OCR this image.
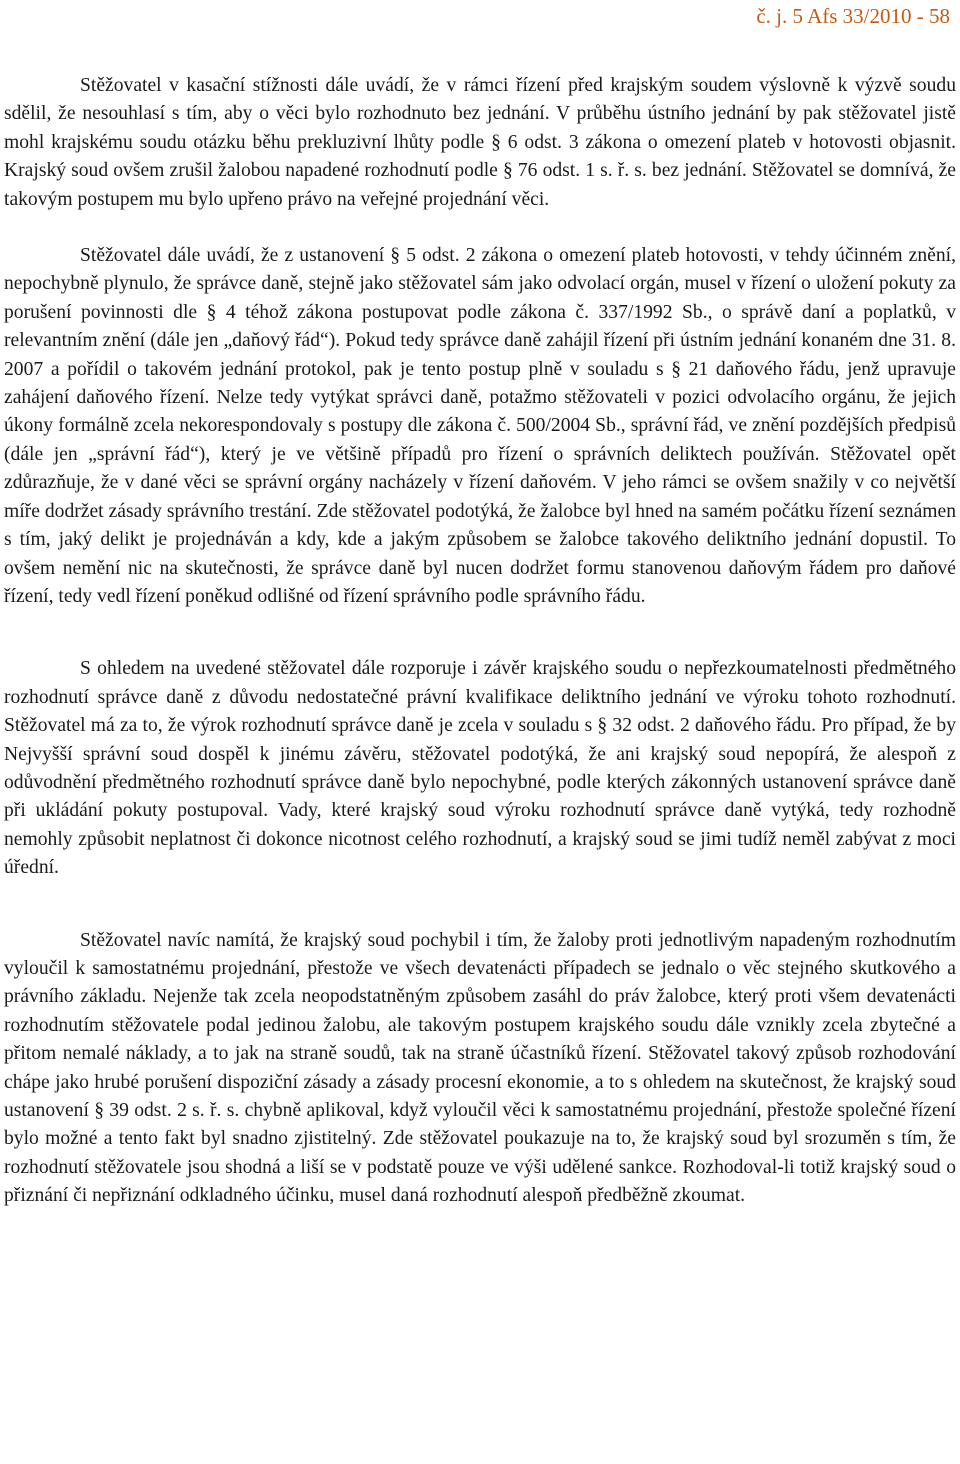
č. j. 5 Afs 33/2010 - 58

Stěžovatel v kasační stížnosti dále uvádí, že v rámci řízení před krajským soudem výslovně k výzvě soudu sdělil, že nesouhlasí s tím, aby o věci bylo rozhodnuto bez jednání. V průběhu ústního jednání by pak stěžovatel jistě mohl krajskému soudu otázku běhu prekluzivní lhůty podle § 6 odst. 3 zákona o omezení plateb v hotovosti objasnit. Krajský soud ovšem zrušil žalobou napadené rozhodnutí podle § 76 odst. 1 s. ř. s. bez jednání. Stěžovatel se domnívá, že takovým postupem mu bylo upřeno právo na veřejné projednání věci.

Stěžovatel dále uvádí, že z ustanovení § 5 odst. 2 zákona o omezení plateb hotovosti, v tehdy účinném znění, nepochybně plynulo, že správce daně, stejně jako stěžovatel sám jako odvolací orgán, musel v řízení o uložení pokuty za porušení povinnosti dle § 4 téhož zákona postupovat podle zákona č. 337/1992 Sb., o správě daní a poplatků, v relevantním znění (dále jen „daňový řád“). Pokud tedy správce daně zahájil řízení při ústním jednání konaném dne 31. 8. 2007 a pořídil o takovém jednání protokol, pak je tento postup plně v souladu s § 21 daňového řádu, jenž upravuje zahájení daňového řízení. Nelze tedy vytýkat správci daně, potažmo stěžovateli v pozici odvolacího orgánu, že jejich úkony formálně zcela nekorespondovaly s postupy dle zákona č. 500/2004 Sb., správní řád, ve znění pozdějších předpisů (dále jen „správní řád“), který je ve většině případů pro řízení o správních deliktech používán. Stěžovatel opět zdůrazňuje, že v dané věci se správní orgány nacházely v řízení daňovém. V jeho rámci se ovšem snažily v co největší míře dodržet zásady správního trestání. Zde stěžovatel podotýká, že žalobce byl hned na samém počátku řízení seznámen s tím, jaký delikt je projednáván a kdy, kde a jakým způsobem se žalobce takového deliktního jednání dopustil. To ovšem nemění nic na skutečnosti, že správce daně byl nucen dodržet formu stanovenou daňovým řádem pro daňové řízení, tedy vedl řízení poněkud odlišné od řízení správního podle správního řádu.

S ohledem na uvedené stěžovatel dále rozporuje i závěr krajského soudu o nepřezkoumatelnosti předmětného rozhodnutí správce daně z důvodu nedostatečné právní kvalifikace deliktního jednání ve výroku tohoto rozhodnutí. Stěžovatel má za to, že výrok rozhodnutí správce daně je zcela v souladu s § 32 odst. 2 daňového řádu. Pro případ, že by Nejvyšší správní soud dospěl k jinému závěru, stěžovatel podotýká, že ani krajský soud nepopírá, že alespoň z odůvodnění předmětného rozhodnutí správce daně bylo nepochybné, podle kterých zákonných ustanovení správce daně při ukládání pokuty postupoval. Vady, které krajský soud výroku rozhodnutí správce daně vytýká, tedy rozhodně nemohly způsobit neplatnost či dokonce nicotnost celého rozhodnutí, a krajský soud se jimi tudíž neměl zabývat z moci úřední.

Stěžovatel navíc namítá, že krajský soud pochybil i tím, že žaloby proti jednotlivým napadeným rozhodnutím vyloučil k samostatnému projednání, přestože ve všech devatenácti případech se jednalo o věc stejného skutkového a právního základu. Nejenže tak zcela neopodstatněným způsobem zasáhl do práv žalobce, který proti všem devatenácti rozhodnutím stěžovatele podal jedinou žalobu, ale takovým postupem krajského soudu dále vznikly zcela zbytečné a přitom nemalé náklady, a to jak na straně soudů, tak na straně účastníků řízení. Stěžovatel takový způsob rozhodování chápe jako hrubé porušení dispoziční zásady a zásady procesní ekonomie, a to s ohledem na skutečnost, že krajský soud ustanovení § 39 odst. 2 s. ř. s. chybně aplikoval, když vyloučil věci k samostatnému projednání, přestože společné řízení bylo možné a tento fakt byl snadno zjistitelný. Zde stěžovatel poukazuje na to, že krajský soud byl srozuměn s tím, že rozhodnutí stěžovatele jsou shodná a liší se v podstatě pouze ve výši udělené sankce. Rozhodoval-li totiž krajský soud o přiznání či nepřiznání odkladného účinku, musel daná rozhodnutí alespoň předběžně zkoumat.
